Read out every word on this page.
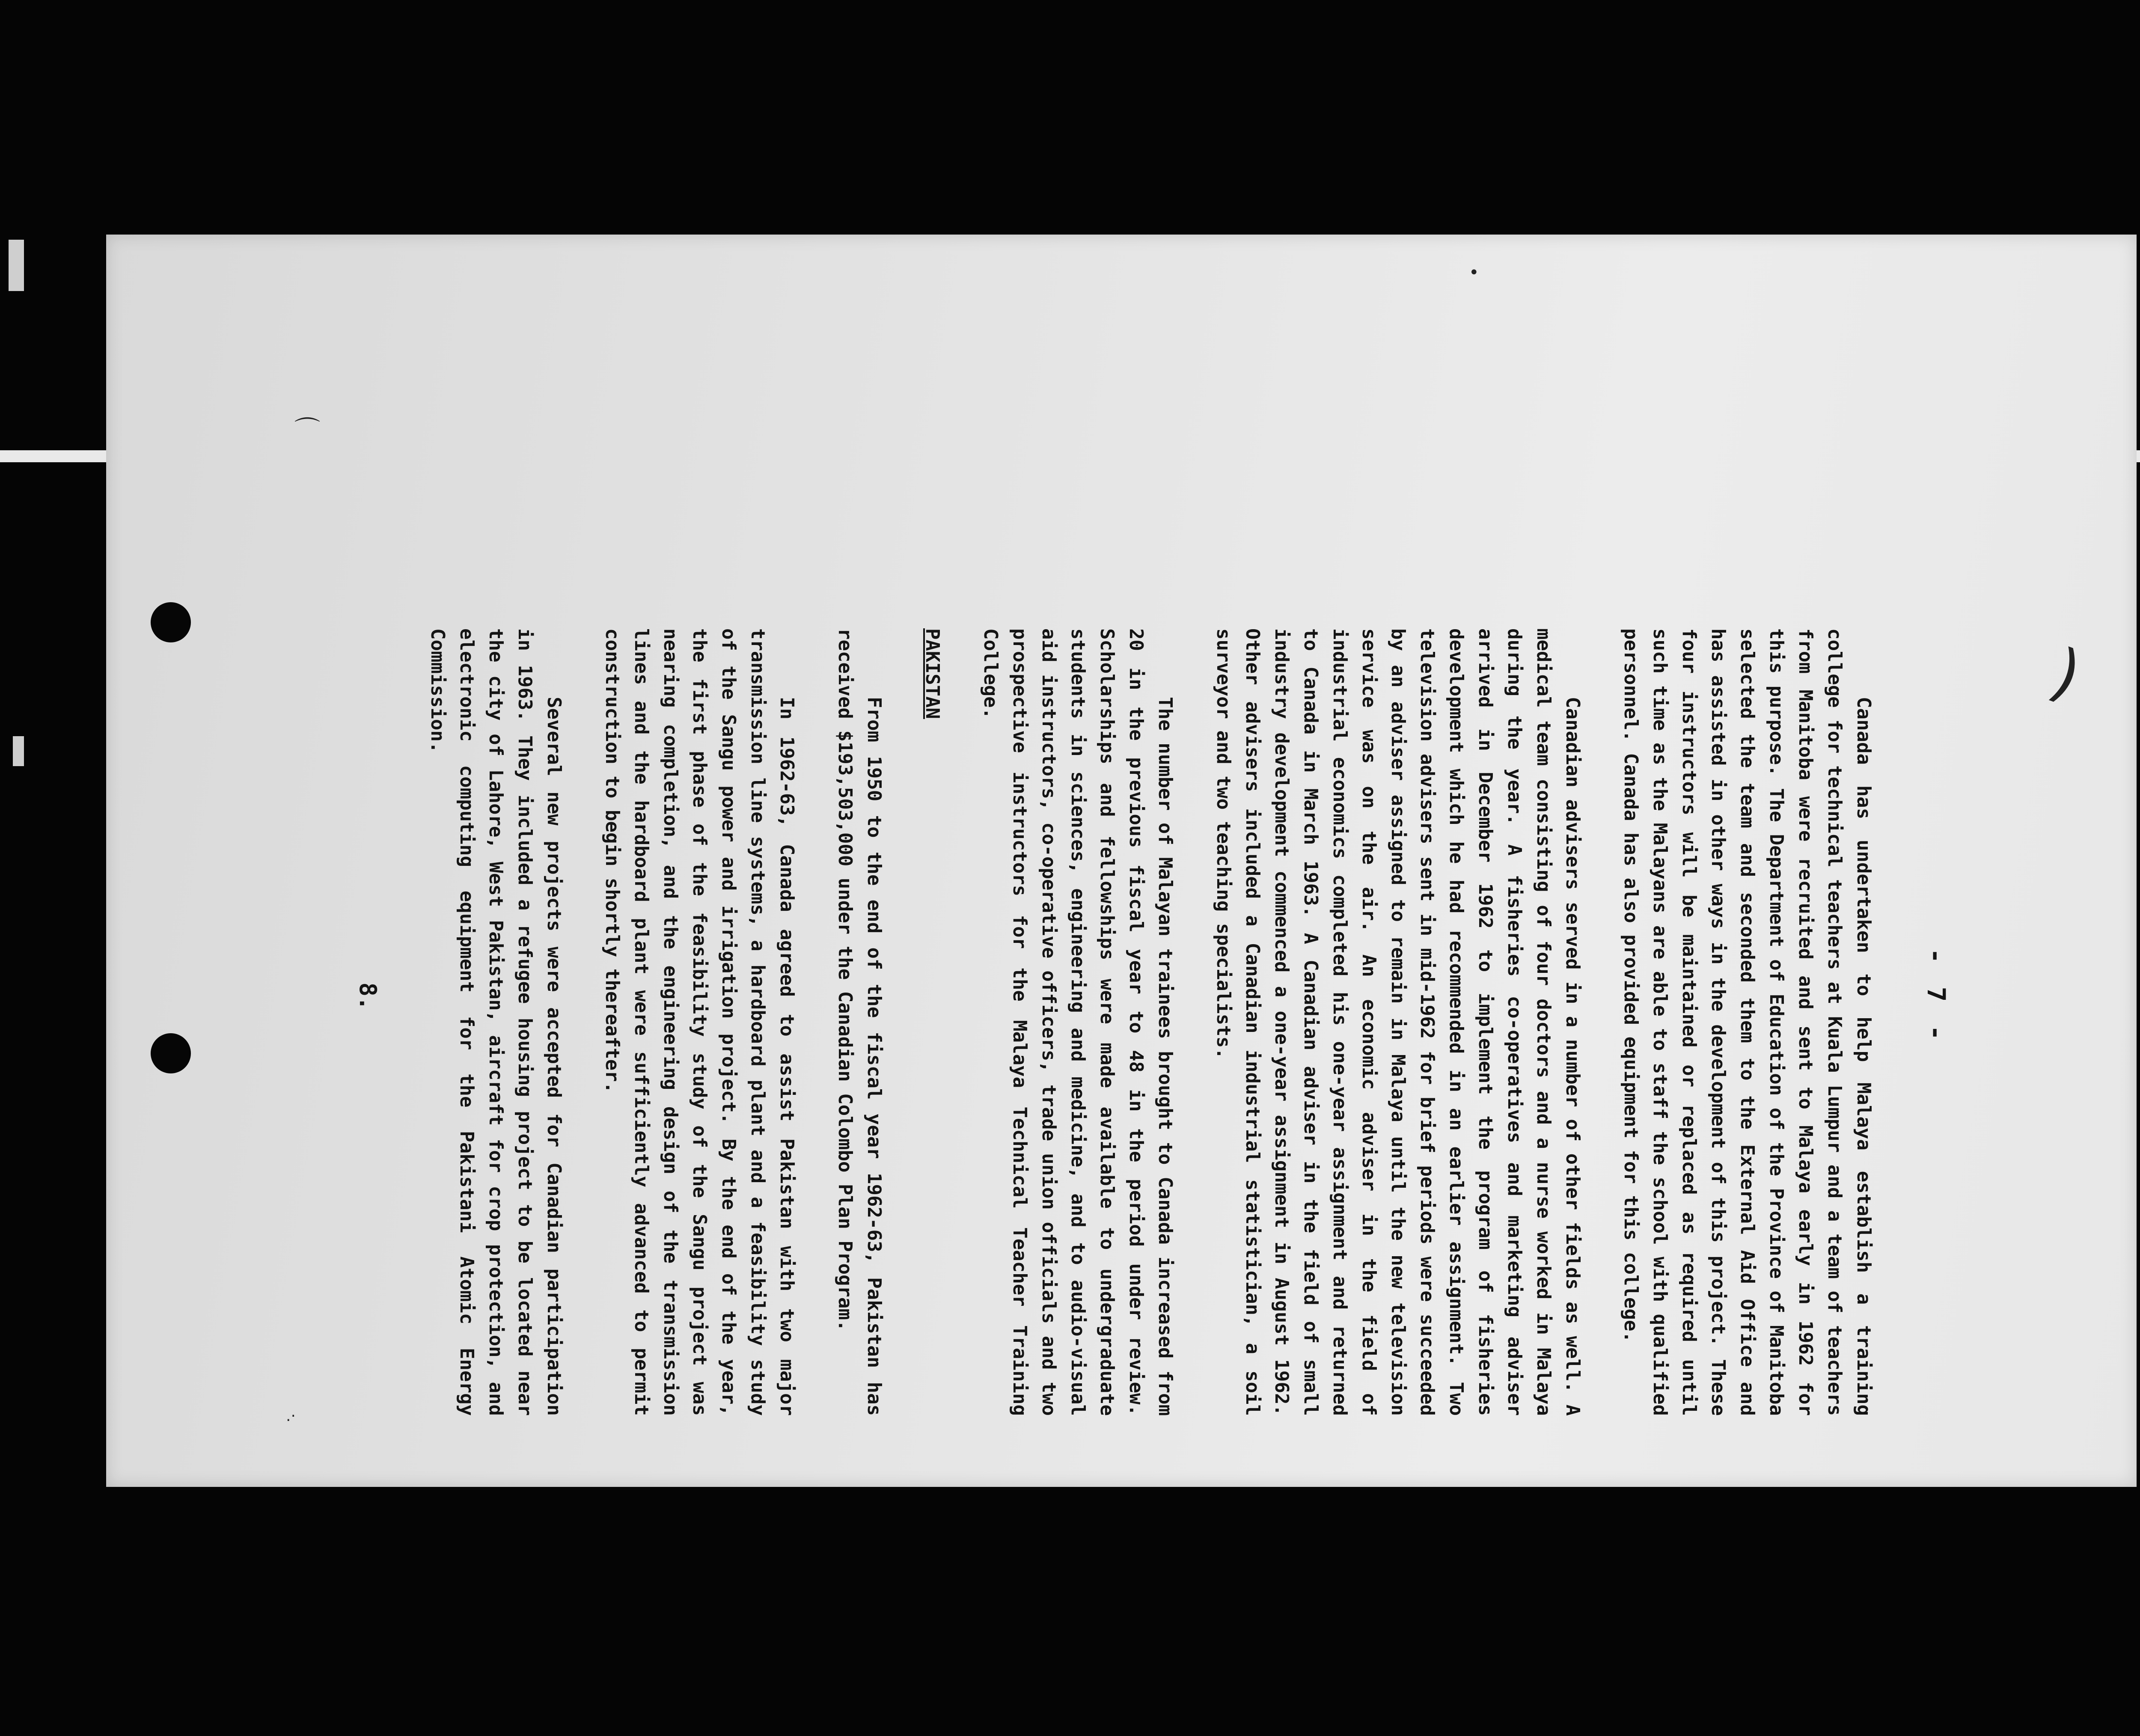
⌒
)
•
.·
- 7 -

Canada has undertaken to help Malaya establish a training college for technical teachers at Kuala Lumpur and a team of teachers from Manitoba were recruited and sent to Malaya early in 1962 for this purpose. The Department of Education of the Province of Manitoba selected the team and seconded them to the External Aid Office and has assisted in other ways in the development of this project. These four instructors will be maintained or replaced as required until such time as the Malayans are able to staff the school with qualified personnel. Canada has also provided equipment for this college.

Canadian advisers served in a number of other fields as well. A medical team consisting of four doctors and a nurse worked in Malaya during the year. A fisheries co-operatives and marketing adviser arrived in December 1962 to implement the program of fisheries development which he had recommended in an earlier assignment. Two television advisers sent in mid-1962 for brief periods were succeeded by an adviser assigned to remain in Malaya until the new television service was on the air. An economic adviser in the field of industrial economics completed his one-year assignment and returned to Canada in March 1963. A Canadian adviser in the field of small industry development commenced a one-year assignment in August 1962. Other advisers included a Canadian industrial statistician, a soil surveyor and two teaching specialists.

The number of Malayan trainees brought to Canada increased from 20 in the previous fiscal year to 48 in the period under review. Scholarships and fellowships were made available to undergraduate students in sciences, engineering and medicine, and to audio-visual aid instructors, co-operative officers, trade union officials and two prospective instructors for the Malaya Technical Teacher Training College.

PAKISTAN

From 1950 to the end of the fiscal year 1962-63, Pakistan has received $193,503,000 under the Canadian Colombo Plan Program.

In 1962-63, Canada agreed to assist Pakistan with two major transmission line systems, a hardboard plant and a feasibility study of the Sangu power and irrigation project. By the end of the year, the first phase of the feasibility study of the Sangu project was nearing completion, and the engineering design of the transmission lines and the hardboard plant were sufficiently advanced to permit construction to begin shortly thereafter.

Several new projects were accepted for Canadian participation in 1963. They included a refugee housing project to be located near the city of Lahore, West Pakistan, aircraft for crop protection, and electronic computing equipment for the Pakistani Atomic Energy Commission.

8.
